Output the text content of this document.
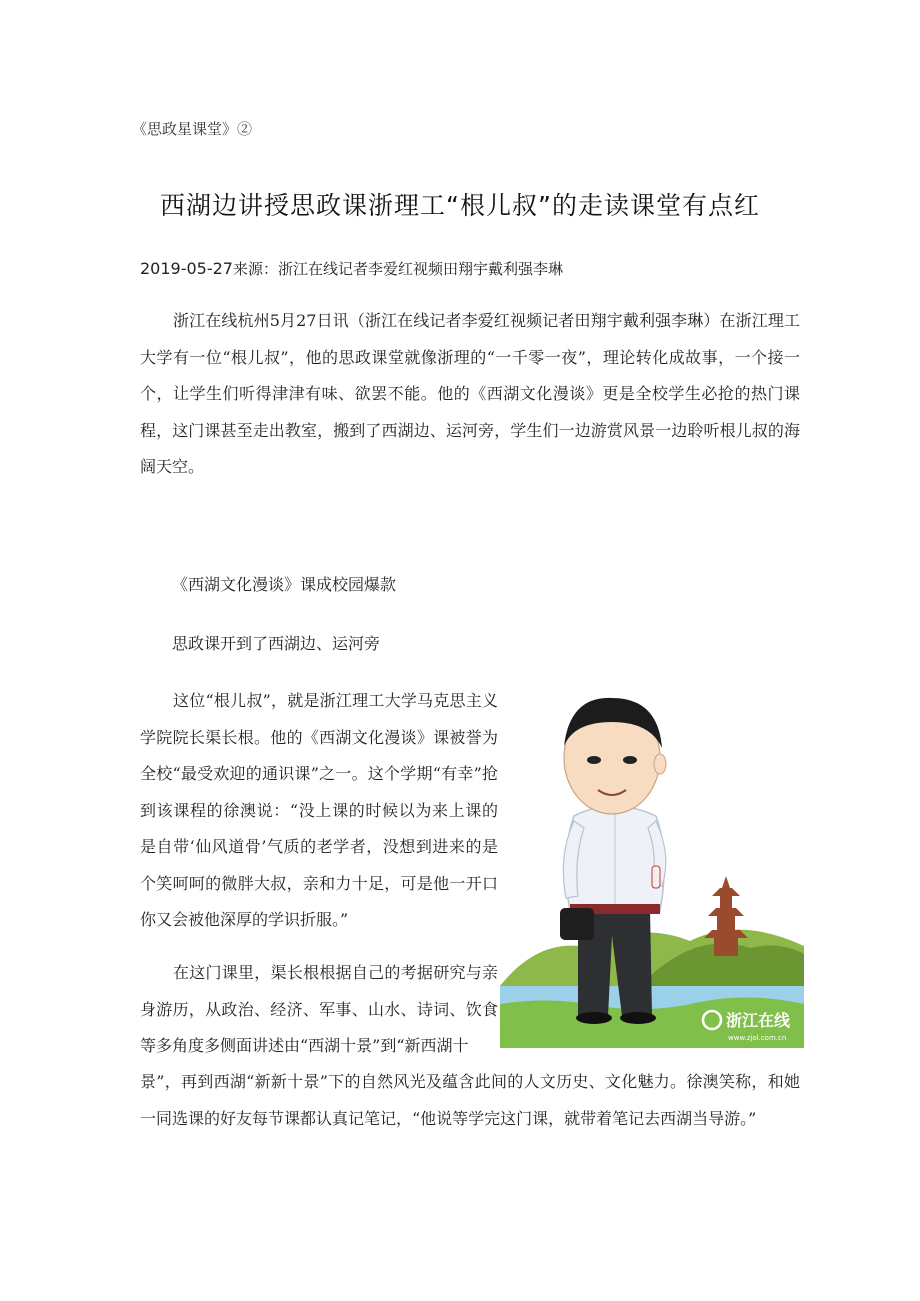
《思政星课堂》②
西湖边讲授思政课浙理工“根儿叔”的走读课堂有点红
2019-05-27来源：浙江在线记者李爱红视频田翔宇戴利强李琳
浙江在线杭州5月27日讯（浙江在线记者李爱红视频记者田翔宇戴利强李琳）在浙江理工大学有一位“根儿叔”，他的思政课堂就像浙理的“一千零一夜”，理论转化成故事，一个接一个，让学生们听得津津有味、欲罢不能。他的《西湖文化漫谈》更是全校学生必抢的热门课程，这门课甚至走出教室，搬到了西湖边、运河旁，学生们一边游赏风景一边聆听根儿叔的海阔天空。
《西湖文化漫谈》课成校园爆款
思政课开到了西湖边、运河旁
这位“根儿叔”，就是浙江理工大学马克思主义学院院长渠长根。他的《西湖文化漫谈》课被誉为全校“最受欢迎的通识课”之一。这个学期“有幸”抢到该课程的徐澳说：“没上课的时候以为来上课的是自带‘仙风道骨’气质的老学者，没想到进来的是个笑呵呵的微胖大叔，亲和力十足，可是他一开口你又会被他深厚的学识折服。”
在这门课里，渠长根根据自己的考据研究与亲身游历，从政治、经济、军事、山水、诗词、饮食等多角度多侧面讲述由“西湖十景”到“新西湖十
景”，再到西湖“新新十景”下的自然风光及蕴含此间的人文历史、文化魅力。徐澳笑称，和她一同选课的好友每节课都认真记笔记，“他说等学完这门课，就带着笔记去西湖当导游。”
浙江在线
www.zjol.com.cn
